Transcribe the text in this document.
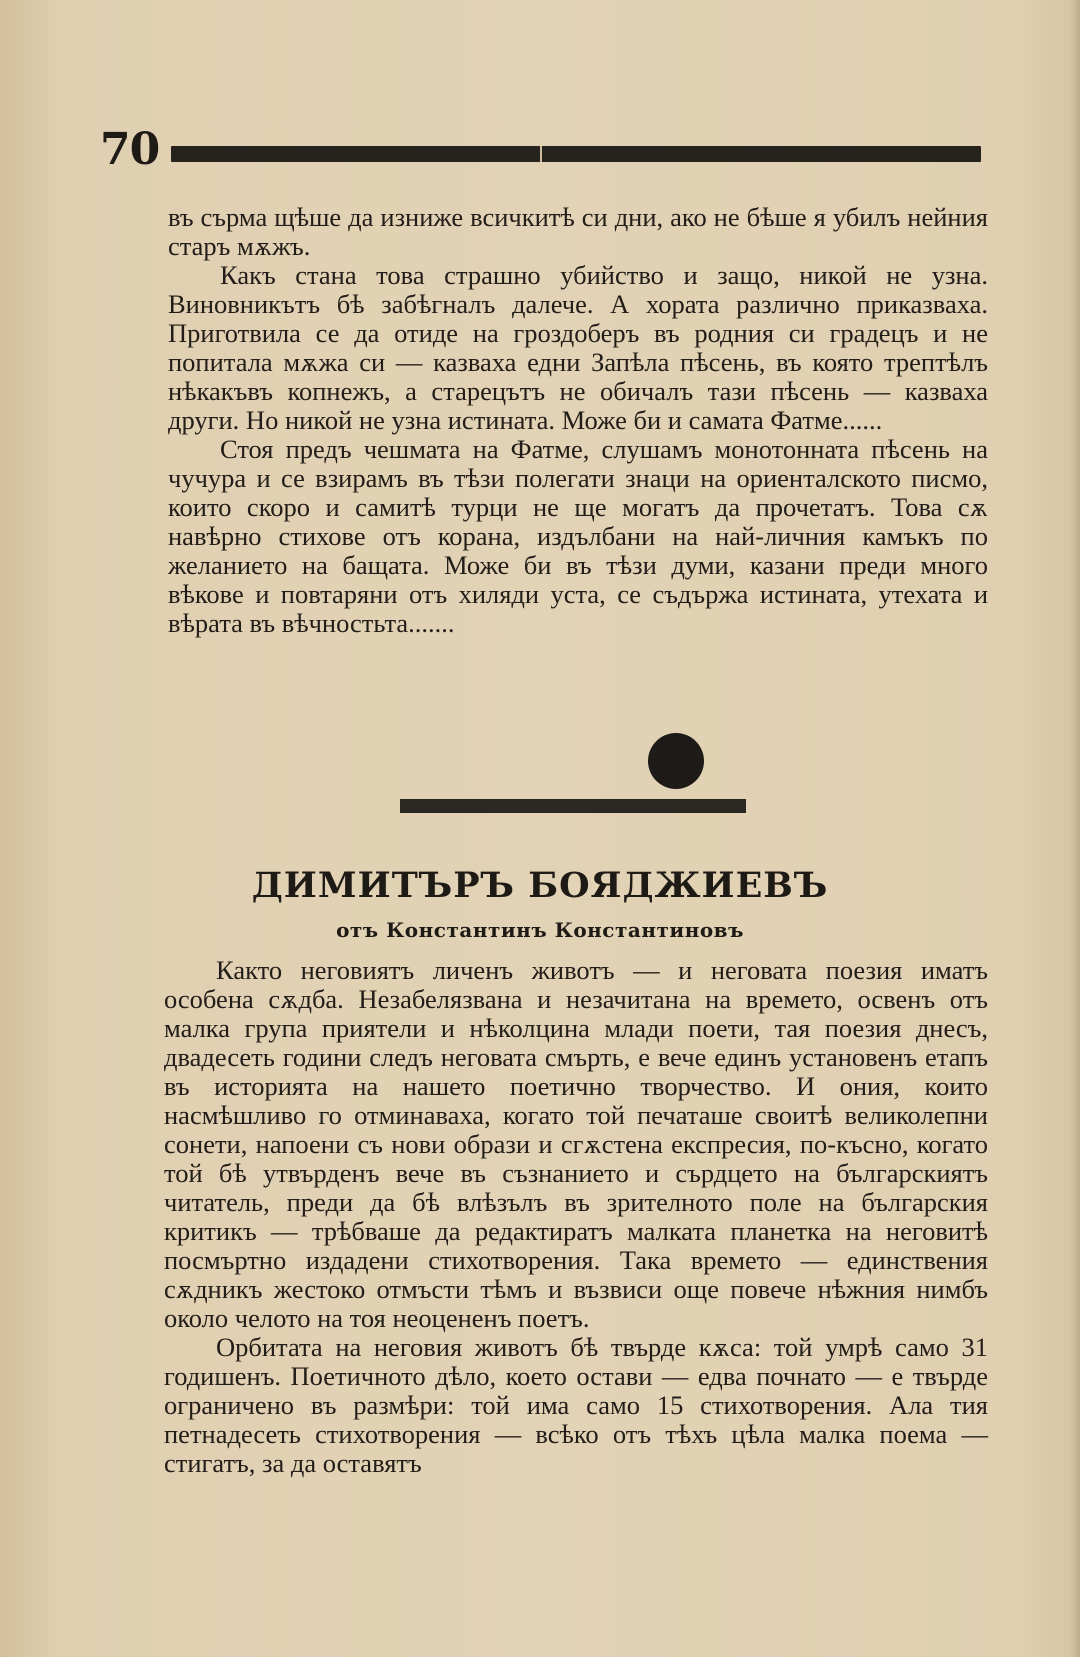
70

въ сърма щѣше да изниже всичкитѣ си дни, ако не бѣше я убилъ нейния старъ мѫжъ.

Какъ стана това страшно убийство и защо, никой не узна. Виновникътъ бѣ забѣгналъ далече. А хората различно приказваха. Приготвила се да отиде на гроздоберъ въ родния си градецъ и не попитала мѫжа си — казваха едни Запѣла пѣсень, въ която трептѣлъ нѣкакъвъ копнежъ, а старецътъ не обичалъ тази пѣсень — казваха други. Но никой не узна истината. Може би и самата Фатме......

Стоя предъ чешмата на Фатме, слушамъ монотонната пѣсень на чучура и се взирамъ въ тѣзи полегати знаци на ориенталското писмо, които скоро и самитѣ турци не ще могатъ да прочетатъ. Това сѫ навѣрно стихове отъ корана, издълбани на най-личния камъкъ по желанието на бащата. Може би въ тѣзи думи, казани преди много вѣкове и повтаряни отъ хиляди уста, се съдържа истината, утехата и вѣрата въ вѣчностьта.......

ДИМИТЪРЪ БОЯДЖИЕВЪ
отъ Константинъ Константиновъ

Както неговиятъ личенъ животъ — и неговата поезия иматъ особена сѫдба. Незабелязвана и незачитана на времето, освенъ отъ малка група приятели и нѣколцина млади поети, тая поезия днесъ, двадесеть години следъ неговата смърть, е вече единъ установенъ етапъ въ историята на нашето поетично творчество. И ония, които насмѣшливо го отминаваха, когато той печаташе своитѣ великолепни сонети, напоени съ нови образи и сгѫстена експресия, по-късно, когато той бѣ утвърденъ вече въ съзнанието и сърдцето на българскиятъ читатель, преди да бѣ влѣзълъ въ зрителното поле на българския критикъ — трѣбваше да редактиратъ малката планетка на неговитѣ посмъртно издадени стихотворения. Така времето — единствения сѫдникъ жестоко отмъсти тѣмъ и възвиси още повече нѣжния нимбъ около челото на тоя неоцененъ поетъ.

Орбитата на неговия животъ бѣ твърде кѫса: той умрѣ само 31 годишенъ. Поетичното дѣло, което остави — едва почнато — е твърде ограничено въ размѣри: той има само 15 стихотворения. Ала тия петнадесеть стихотворения — всѣко отъ тѣхъ цѣла малка поема — стигатъ, за да оставятъ
